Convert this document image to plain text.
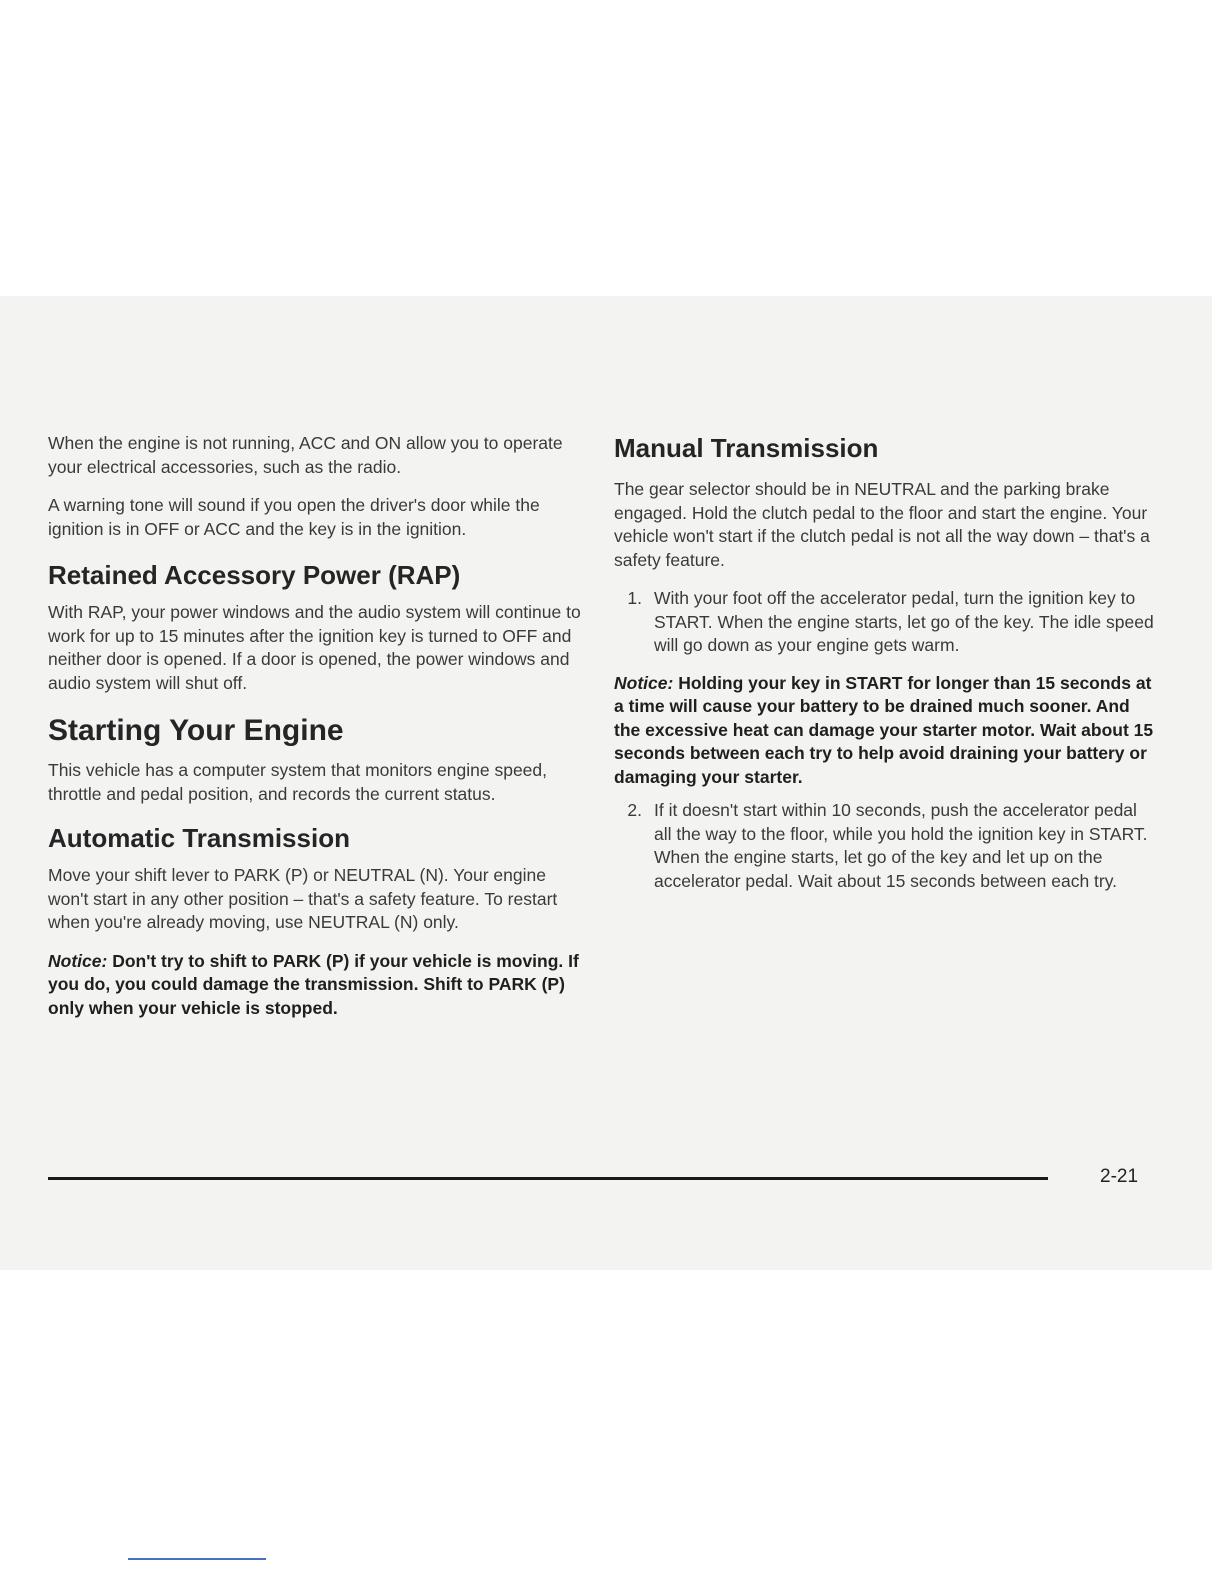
When the engine is not running, ACC and ON allow you to operate your electrical accessories, such as the radio.

A warning tone will sound if you open the driver's door while the ignition is in OFF or ACC and the key is in the ignition.

Retained Accessory Power (RAP)

With RAP, your power windows and the audio system will continue to work for up to 15 minutes after the ignition key is turned to OFF and neither door is opened. If a door is opened, the power windows and audio system will shut off.

Starting Your Engine

This vehicle has a computer system that monitors engine speed, throttle and pedal position, and records the current status.

Automatic Transmission

Move your shift lever to PARK (P) or NEUTRAL (N). Your engine won't start in any other position – that's a safety feature. To restart when you're already moving, use NEUTRAL (N) only.

Notice: Don't try to shift to PARK (P) if your vehicle is moving. If you do, you could damage the transmission. Shift to PARK (P) only when your vehicle is stopped.
Manual Transmission

The gear selector should be in NEUTRAL and the parking brake engaged. Hold the clutch pedal to the floor and start the engine. Your vehicle won't start if the clutch pedal is not all the way down – that's a safety feature.

1. With your foot off the accelerator pedal, turn the ignition key to START. When the engine starts, let go of the key. The idle speed will go down as your engine gets warm.
Notice: Holding your key in START for longer than 15 seconds at a time will cause your battery to be drained much sooner. And the excessive heat can damage your starter motor. Wait about 15 seconds between each try to help avoid draining your battery or damaging your starter.
2. If it doesn't start within 10 seconds, push the accelerator pedal all the way to the floor, while you hold the ignition key in START. When the engine starts, let go of the key and let up on the accelerator pedal. Wait about 15 seconds between each try.
2-21
